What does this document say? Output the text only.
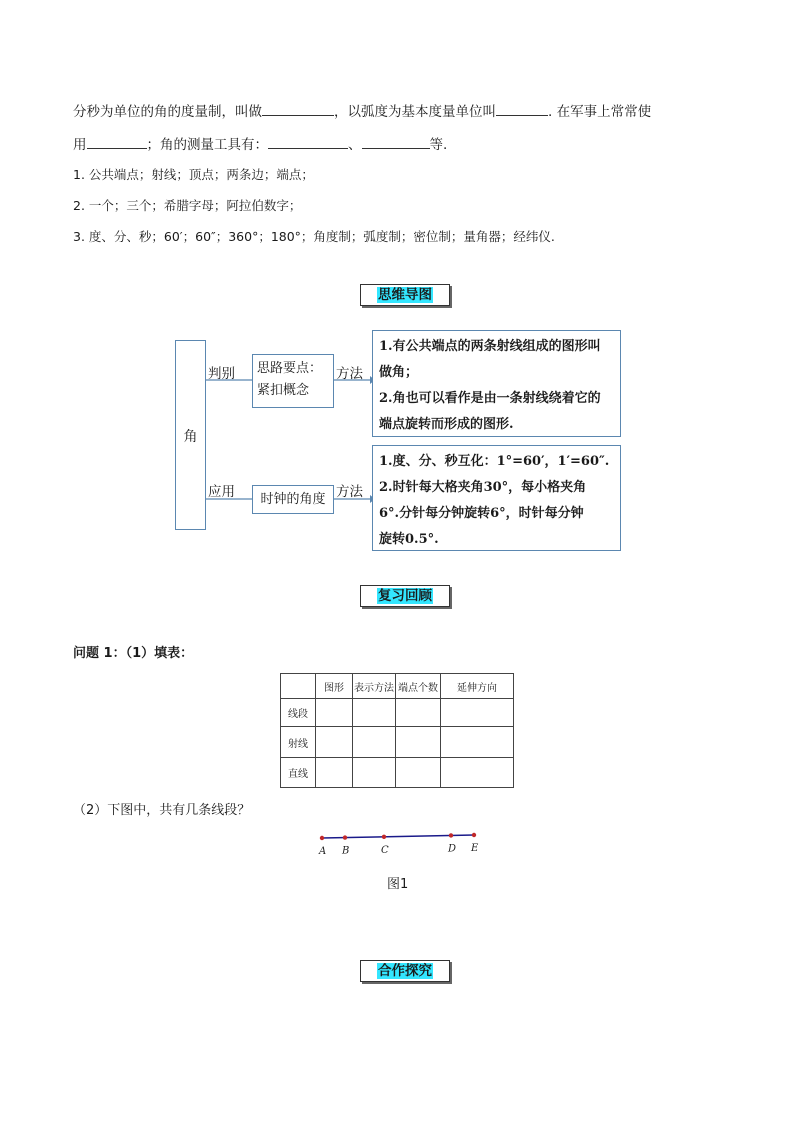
分秒为单位的角的度量制，叫做	，以弧度为基本度量单位叫	. 在军事上常常使
用	；角的测量工具有：	、	等.
1. 公共端点；射线；顶点；两条边；端点；
2. 一个；三个；希腊字母；阿拉伯数字；
3. 度、分、秒；60′；60″；360°；180°；角度制；弧度制；密位制；量角器；经纬仪.
思维导图
角
判别	思路要点：
紧扣概念
方法
1.有公共端点的两条射线组成的图形叫
做角；
2.角也可以看作是由一条射线绕着它的
端点旋转而形成的图形.
应用	时钟的角度 方法
1.度、分、秒互化：1°=60′，1′=60″.
2.时针每大格夹角30°，每小格夹角
6°.分针每分钟旋转6°，时针每分钟
旋转0.5°.
复习回顾
问题 1：（1）填表：
	图形	表示方法	端点个数	延伸方向
线段				
射线				
直线				
（2）下图中，共有几条线段？
A B	C	D E
图1
合作探究
